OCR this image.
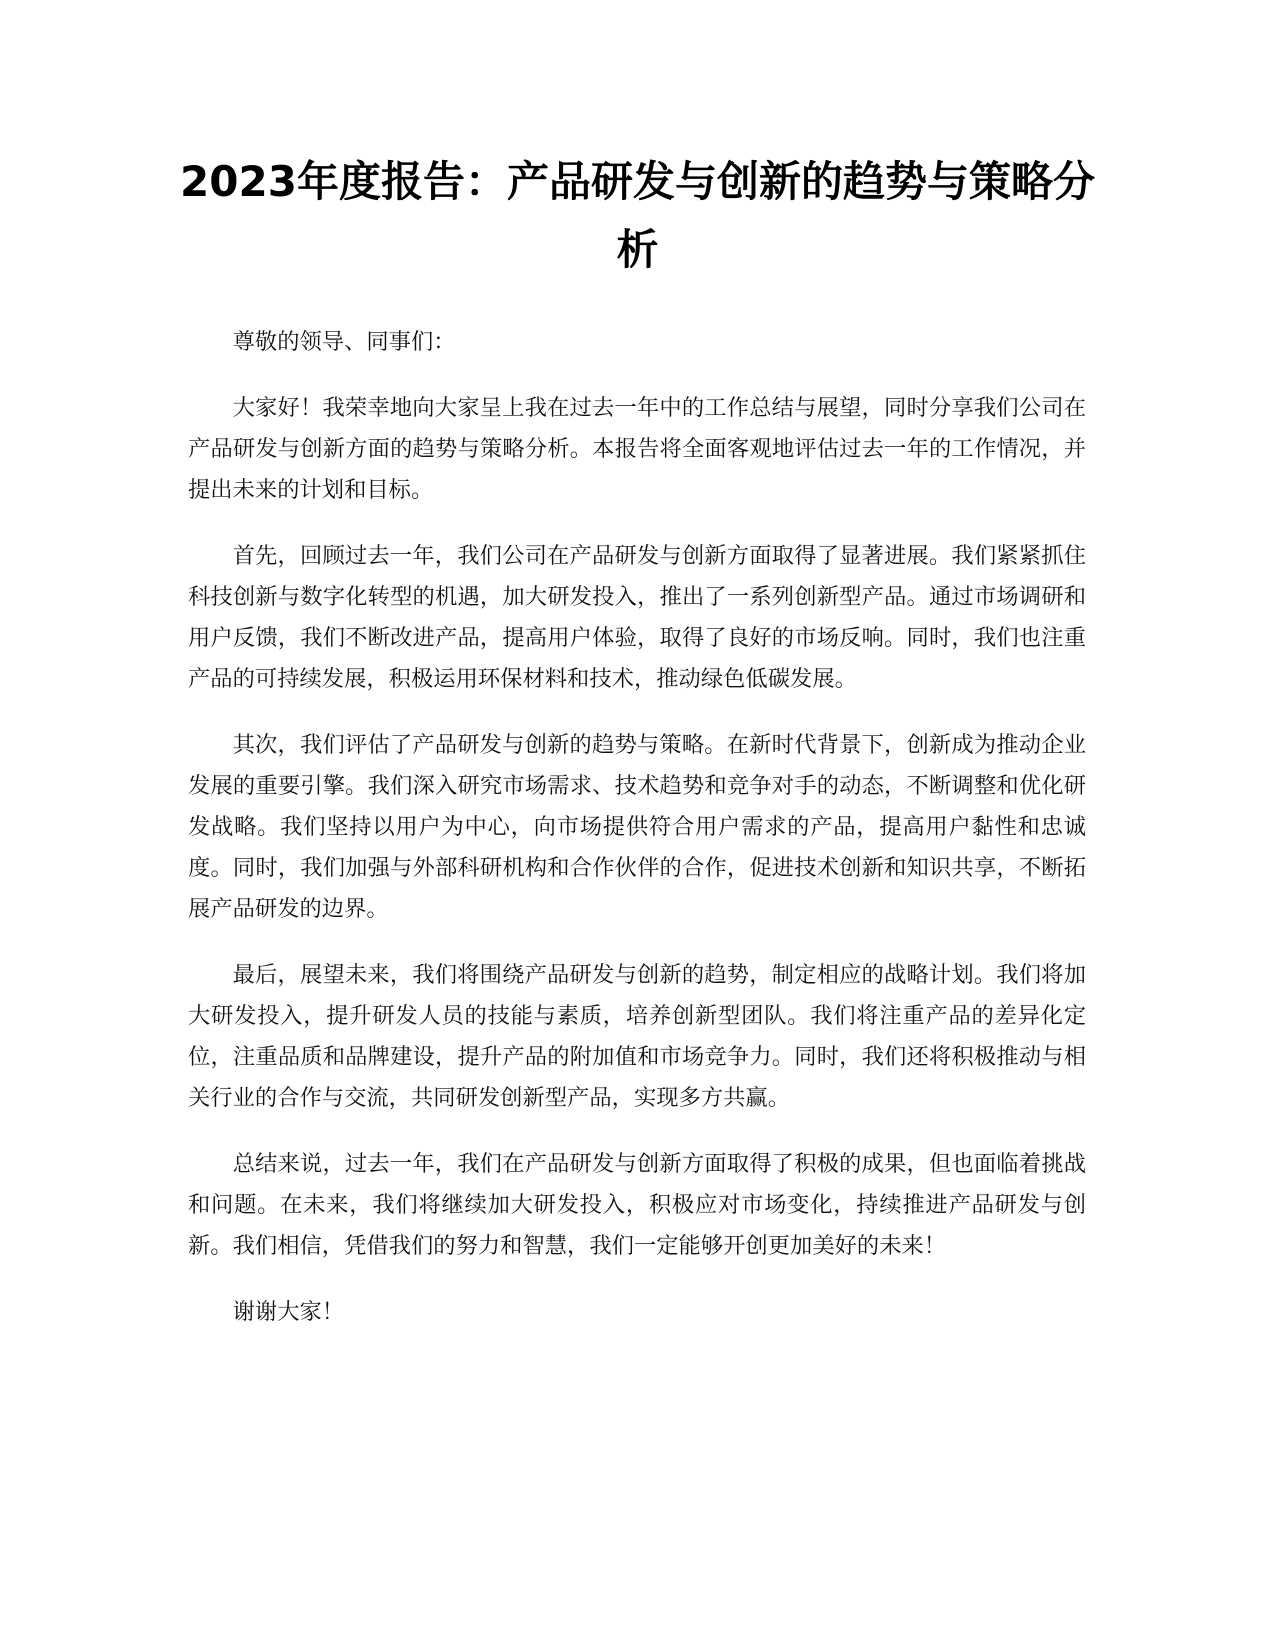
2023年度报告：产品研发与创新的趋势与策略分析

尊敬的领导、同事们：

大家好！我荣幸地向大家呈上我在过去一年中的工作总结与展望，同时分享我们公司在产品研发与创新方面的趋势与策略分析。本报告将全面客观地评估过去一年的工作情况，并提出未来的计划和目标。

首先，回顾过去一年，我们公司在产品研发与创新方面取得了显著进展。我们紧紧抓住科技创新与数字化转型的机遇，加大研发投入，推出了一系列创新型产品。通过市场调研和用户反馈，我们不断改进产品，提高用户体验，取得了良好的市场反响。同时，我们也注重产品的可持续发展，积极运用环保材料和技术，推动绿色低碳发展。

其次，我们评估了产品研发与创新的趋势与策略。在新时代背景下，创新成为推动企业发展的重要引擎。我们深入研究市场需求、技术趋势和竞争对手的动态，不断调整和优化研发战略。我们坚持以用户为中心，向市场提供符合用户需求的产品，提高用户黏性和忠诚度。同时，我们加强与外部科研机构和合作伙伴的合作，促进技术创新和知识共享，不断拓展产品研发的边界。

最后，展望未来，我们将围绕产品研发与创新的趋势，制定相应的战略计划。我们将加大研发投入，提升研发人员的技能与素质，培养创新型团队。我们将注重产品的差异化定位，注重品质和品牌建设，提升产品的附加值和市场竞争力。同时，我们还将积极推动与相关行业的合作与交流，共同研发创新型产品，实现多方共赢。

总结来说，过去一年，我们在产品研发与创新方面取得了积极的成果，但也面临着挑战和问题。在未来，我们将继续加大研发投入，积极应对市场变化，持续推进产品研发与创新。我们相信，凭借我们的努力和智慧，我们一定能够开创更加美好的未来！

谢谢大家！
